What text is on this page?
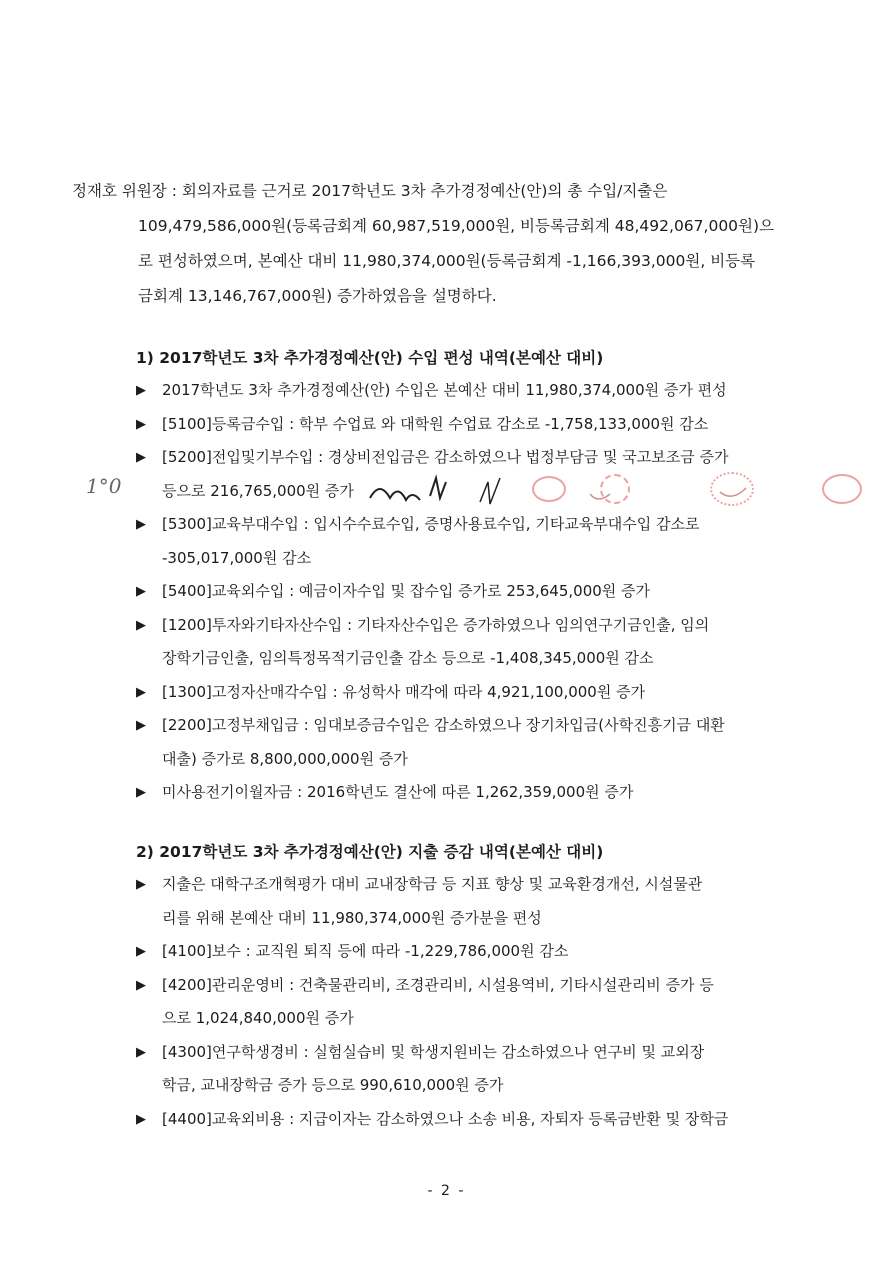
정재호 위원장 : 회의자료를 근거로 2017학년도 3차 추가경정예산(안)의 총 수입/지출은
109,479,586,000원(등록금회계 60,987,519,000원, 비등록금회계 48,492,067,000원)으
로 편성하였으며, 본예산 대비 11,980,374,000원(등록금회계 -1,166,393,000원, 비등록
금회계 13,146,767,000원) 증가하였음을 설명하다.
1) 2017학년도 3차 추가경정예산(안) 수입 편성 내역(본예산 대비)
▶ 2017학년도 3차 추가경정예산(안) 수입은 본예산 대비 11,980,374,000원 증가 편성
▶ [5100]등록금수입 : 학부 수업료 와 대학원 수업료 감소로 -1,758,133,000원 감소
▶ [5200]전입및기부수입 : 경상비전입금은 감소하였으나 법정부담금 및 국고보조금 증가
등으로 216,765,000원 증가
▶ [5300]교육부대수입 : 입시수수료수입, 증명사용료수입, 기타교육부대수입 감소로
-305,017,000원 감소
▶ [5400]교육외수입 : 예금이자수입 및 잡수입 증가로 253,645,000원 증가
▶ [1200]투자와기타자산수입 : 기타자산수입은 증가하였으나 임의연구기금인출, 임의
장학기금인출, 임의특정목적기금인출 감소 등으로 -1,408,345,000원 감소
▶ [1300]고정자산매각수입 : 유성학사 매각에 따라 4,921,100,000원 증가
▶ [2200]고정부채입금 : 임대보증금수입은 감소하였으나 장기차입금(사학진흥기금 대환
대출) 증가로 8,800,000,000원 증가
▶ 미사용전기이월자금 : 2016학년도 결산에 따른 1,262,359,000원 증가
2) 2017학년도 3차 추가경정예산(안) 지출 증감 내역(본예산 대비)
▶ 지출은 대학구조개혁평가 대비 교내장학금 등 지표 향상 및 교육환경개선, 시설물관
리를 위해 본예산 대비 11,980,374,000원 증가분을 편성
▶ [4100]보수 : 교직원 퇴직 등에 따라 -1,229,786,000원 감소
▶ [4200]관리운영비 : 건축물관리비, 조경관리비, 시설용역비, 기타시설관리비 증가 등
으로 1,024,840,000원 증가
▶ [4300]연구학생경비 : 실험실습비 및 학생지원비는 감소하였으나 연구비 및 교외장
학금, 교내장학금 증가 등으로 990,610,000원 증가
▶ [4400]교육외비용 : 지급이자는 감소하였으나 소송 비용, 자퇴자 등록금반환 및 장학금
1°0
- 2 -
